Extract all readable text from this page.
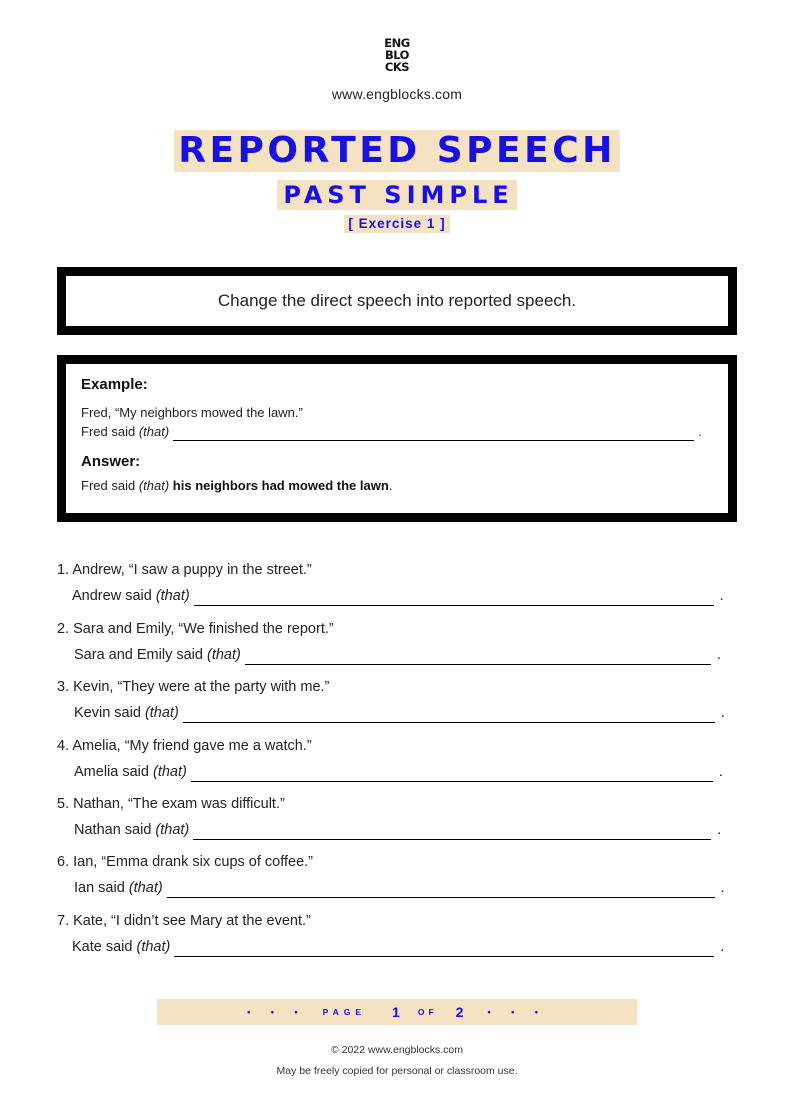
ENG
BLO
CKS
www.engblocks.com
REPORTED SPEECH
PAST SIMPLE
[ Exercise 1 ]
Change the direct speech into reported speech.
Example:
Fred, “My neighbors mowed the lawn.”
Fred said
(that)	.
Answer:
Fred said (that) his neighbors had mowed the lawn.
1. Andrew, “I saw a puppy in the street.”
Andrew said
(that)	.
2. Sara and Emily, “We finished the report.”
Sara and Emily said
(that)	.
3. Kevin, “They were at the party with me.”
Kevin said
(that)	.
4. Amelia, “My friend gave me a watch.”
Amelia said
(that)	.
5. Nathan, “The exam was difficult.”
Nathan said
(that)	.
6. Ian, “Emma drank six cups of coffee.”
Ian said
(that)	.
7. Kate, “I didn’t see Mary at the event.”
Kate said
(that)	.
• • • PAGE 1 OF 2	• • •
© 2022 www.engblocks.com
May be freely copied for personal or classroom use.
